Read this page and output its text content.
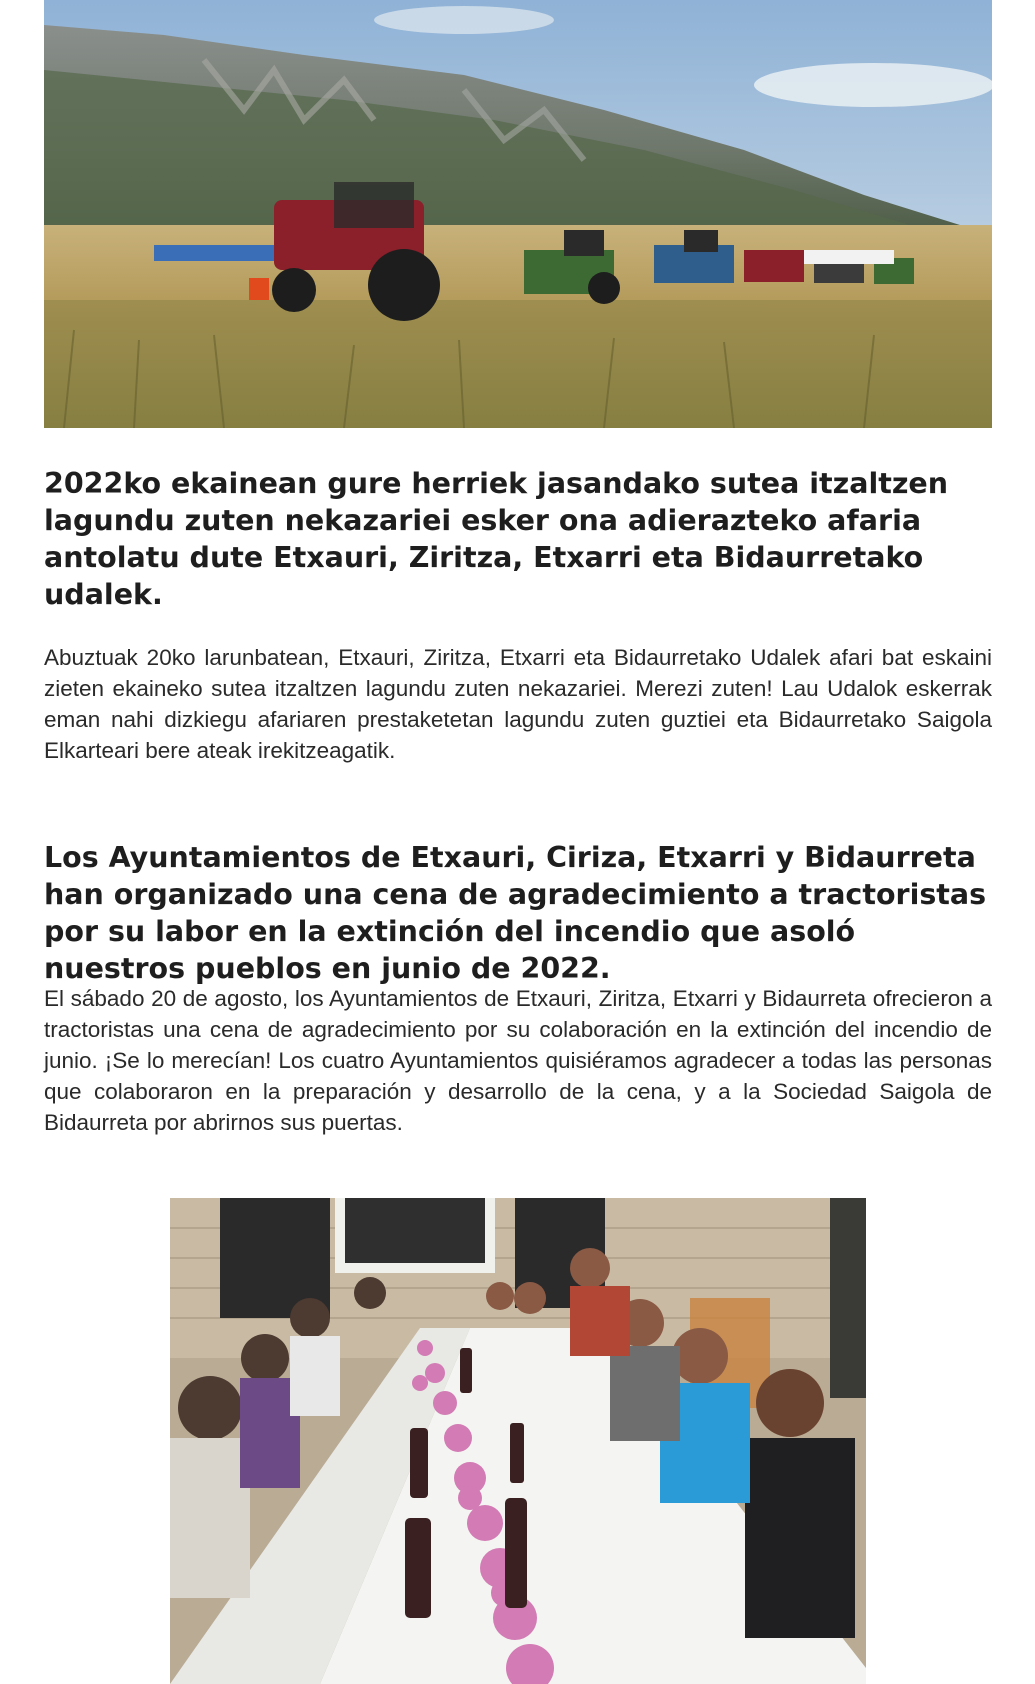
2022ko ekainean gure herriek jasandako sutea itzaltzen lagundu zuten nekazariei esker ona adierazteko afaria antolatu dute Etxauri, Ziritza, Etxarri eta Bidaurretako udalek.

Abuztuak 20ko larunbatean, Etxauri, Ziritza, Etxarri eta Bidaurretako Udalek afari bat eskaini zieten ekaineko sutea itzaltzen lagundu zuten nekazariei. Merezi zuten! Lau Udalok eskerrak eman nahi dizkiegu afariaren prestaketetan lagundu zuten guztiei eta Bidaurretako Saigola Elkarteari bere ateak irekitzeagatik.

Los Ayuntamientos de Etxauri, Ciriza, Etxarri y Bidaurreta han organizado una cena de agradecimiento a tractoristas por su labor en la extinción del incendio que asoló nuestros pueblos en junio de 2022.

El sábado 20 de agosto, los Ayuntamientos de Etxauri, Ziritza, Etxarri y Bidaurreta ofrecieron a tractoristas una cena de agradecimiento por su colaboración en la extinción del incendio de junio. ¡Se lo merecían! Los cuatro Ayuntamientos quisiéramos agradecer a todas las personas que colaboraron en la preparación y desarrollo de la cena, y a la Sociedad Saigola de Bidaurreta por abrirnos sus puertas.
